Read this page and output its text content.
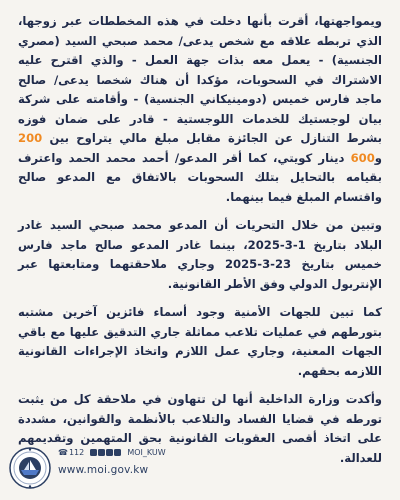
ويمواجهتها، أقرت بأنها دخلت في هذه المخططات عبر زوجها، الذي تربطه علاقه مع شخص يدعى/ محمد صبحي السيد (مصري الجنسية) - يعمل معه بذات جهة العمل - والذي اقترح عليه الاشتراك في السحوبات، مؤكدا أن هناك شخصا يدعى/ صالح ماجد فارس خميس (دومينيكاني الجنسية) - وأقامته على شركة بيان لوجستيك للخدمات اللوجستية - قادر على ضمان فوزه بشرط التنازل عن الجائزة مقابل مبلغ مالي يتراوح بين 200 و600 دينار كويتي، كما أقر المدعو/ أحمد محمد الحمد واعترف بقيامه بالتحايل بتلك السحوبات بالاتفاق مع المدعو صالح واقتسام المبلغ فيما بينهما.

وتبين من خلال التحريات أن المدعو محمد صبحي السيد غادر البلاد بتاريخ 1-3-2025، بينما غادر المدعو صالح ماجد فارس خميس بتاريخ 23-3-2025 وجاري ملاحقتهما ومتابعتها عبر الإنتربول الدولي وفق الأطر القانونية.

كما تبين للجهات الأمنية وجود أسماء فائزين آخرين مشتبه بتورطهم في عمليات تلاعب مماثلة جاري التدقيق عليها مع باقي الجهات المعنية، وجاري عمل اللازم واتخاذ الإجراءات القانونية اللازمه بحقهم.

وأكدت وزارة الداخلية أنها لن تتهاون في ملاحقة كل من يثبت تورطه في قضايا الفساد والتلاعب بالأنظمة والقوانين، مشددة على اتخاذ أقصى العقوبات القانونية بحق المتهمين وتقديمهم للعدالة.

☎112	MOI_KUW
www.moi.gov.kw
